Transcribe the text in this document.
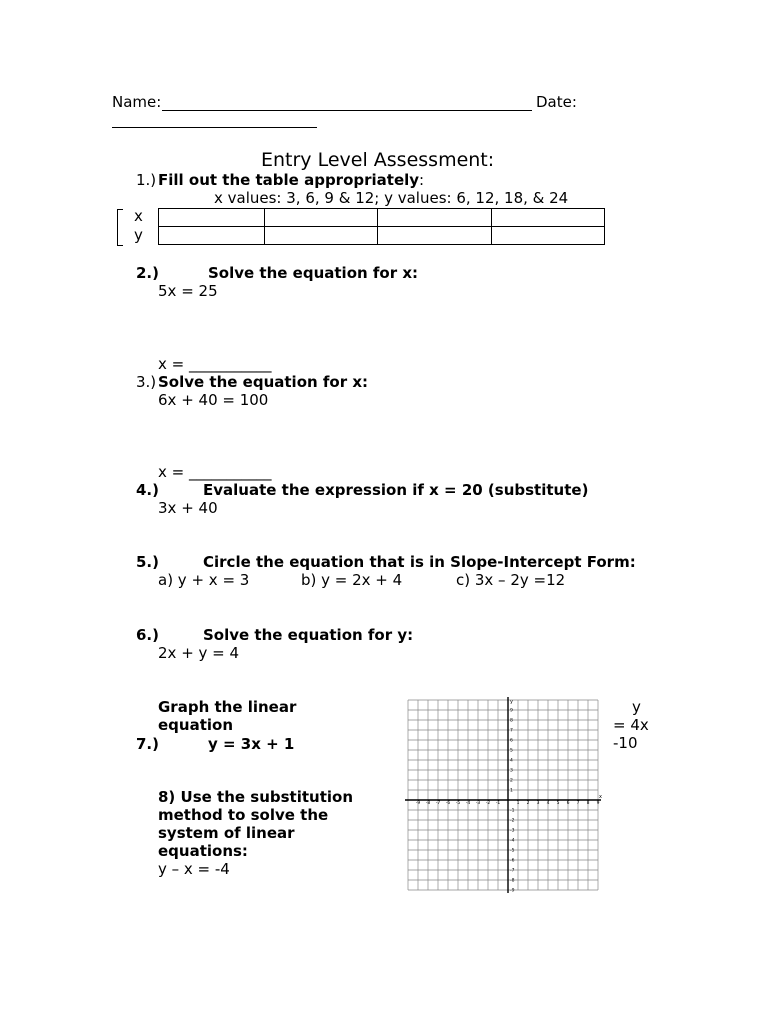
Name:	Date:
Entry Level Assessment:
1.) Fill out the table appropriately:
x values: 3, 6, 9 & 12; y values: 6, 12, 18, & 24
x
y

2.)	Solve the equation for x:
5x = 25
x = ___________
3.) Solve the equation for x:
6x + 40 = 100
x = ___________
4.)	Evaluate the expression if x = 20 (substitute)
3x + 40
5.)	Circle the equation that is in Slope-Intercept Form:
a) y + x = 3	b) y = 2x + 4	c) 3x – 2y =12
6.)	Solve the equation for y:
2x + y = 4
Graph the linear
equation
7.)	y = 3x + 1
8) Use the substitution
method to solve the
system of linear
equations:
y – x = -4
y
= 4x
-10
-9 -8 -7 -6 -5 -4 -3 -2 -1	1 2 3 4 5 6 7 8 9
9
8
7
6
5
4
3
2
1
-1
-2
-3
-4
-5
-6
-7
-8
-9
x
y
